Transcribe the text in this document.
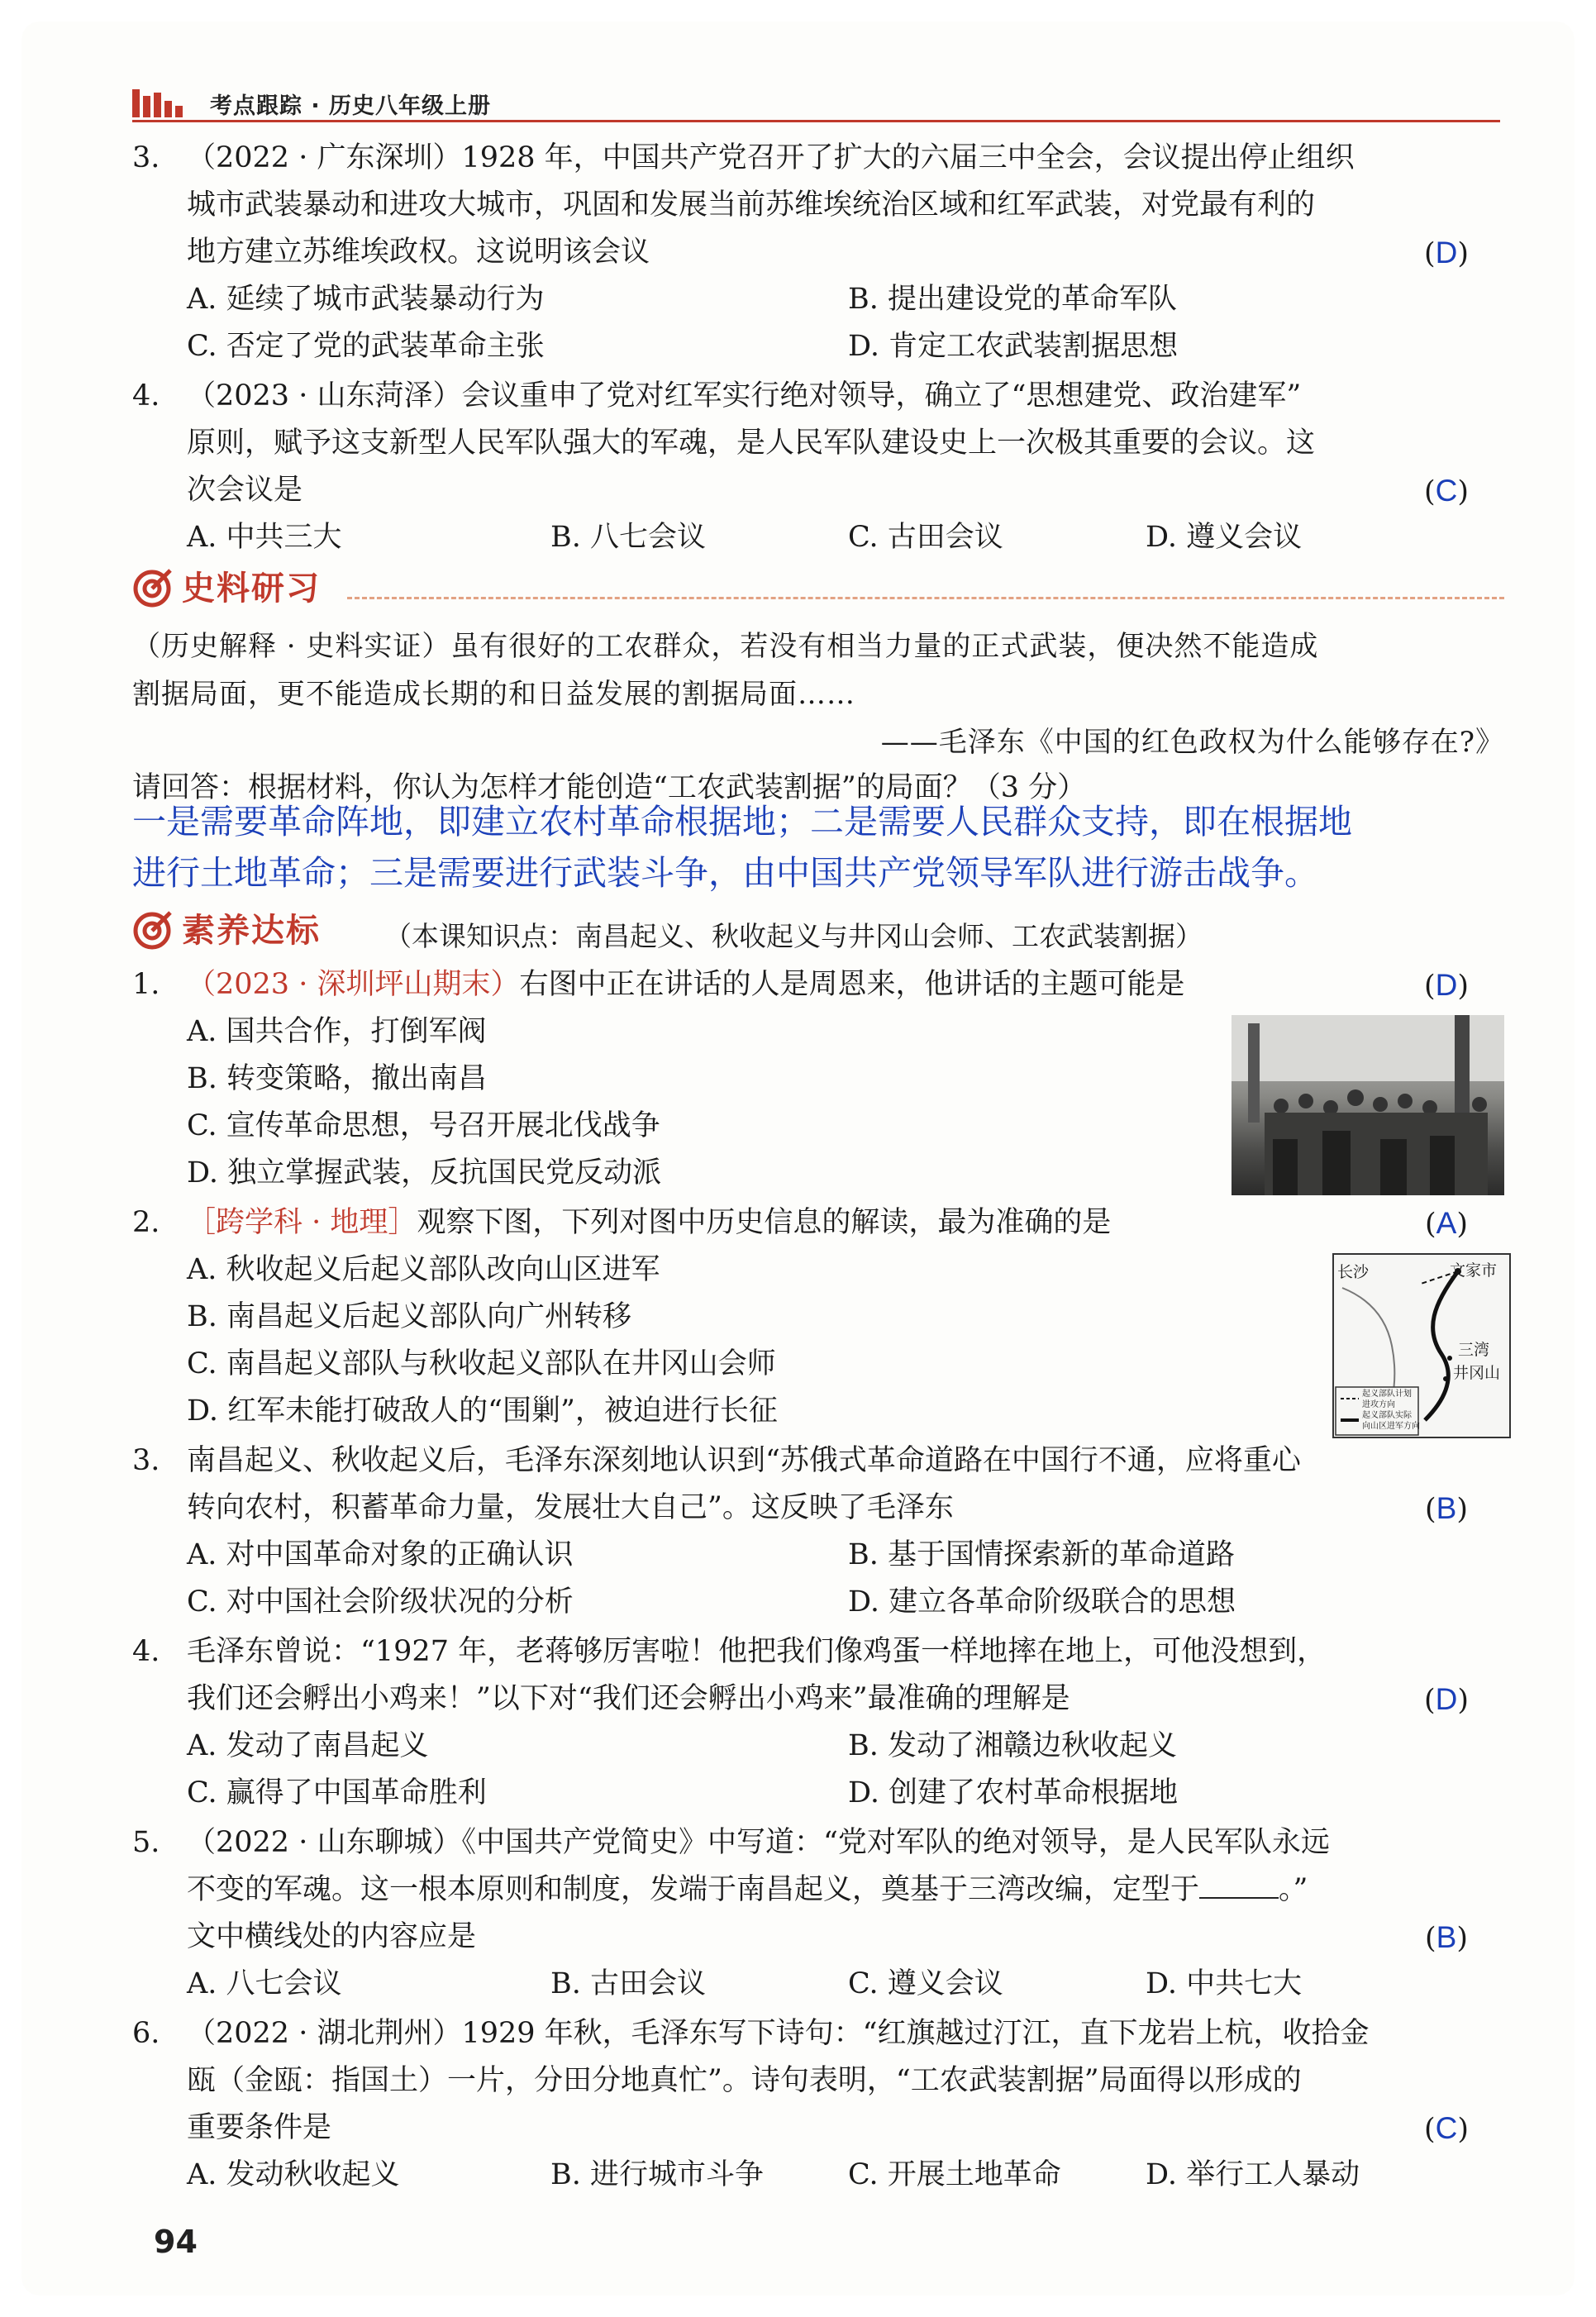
考点跟踪 · 历史八年级上册
3. （2022 · 广东深圳）1928 年，中国共产党召开了扩大的六届三中全会，会议提出停止组织
城市武装暴动和进攻大城市，巩固和发展当前苏维埃统治区域和红军武装，对党最有利的
地方建立苏维埃政权。这说明该会议	(D)
A. 延续了城市武装暴动行为	B. 提出建设党的革命军队
C. 否定了党的武装革命主张	D. 肯定工农武装割据思想
4. （2023 · 山东菏泽）会议重申了党对红军实行绝对领导，确立了“思想建党、政治建军”
原则，赋予这支新型人民军队强大的军魂，是人民军队建设史上一次极其重要的会议。这
次会议是	(C)
A. 中共三大	B. 八七会议	C. 古田会议	D. 遵义会议
史料研习
（历史解释 · 史料实证）虽有很好的工农群众，若没有相当力量的正式武装，便决然不能造成
割据局面，更不能造成长期的和日益发展的割据局面……
——毛泽东《中国的红色政权为什么能够存在?》
请回答：根据材料，你认为怎样才能创造“工农武装割据”的局面？（3 分）
一是需要革命阵地，即建立农村革命根据地；二是需要人民群众支持，即在根据地
进行土地革命；三是需要进行武装斗争，由中国共产党领导军队进行游击战争。
素养达标 （本课知识点：南昌起义、秋收起义与井冈山会师、工农武装割据）
1. （2023 · 深圳坪山期末）右图中正在讲话的人是周恩来，他讲话的主题可能是	(D)
A. 国共合作，打倒军阀
B. 转变策略，撤出南昌
C. 宣传革命思想，号召开展北伐战争
D. 独立掌握武装，反抗国民党反动派
2. ［跨学科 · 地理］观察下图，下列对图中历史信息的解读，最为准确的是	(A)
A. 秋收起义后起义部队改向山区进军
B. 南昌起义后起义部队向广州转移
C. 南昌起义部队与秋收起义部队在井冈山会师
D. 红军未能打破敌人的“围剿”，被迫进行长征
3. 南昌起义、秋收起义后，毛泽东深刻地认识到“苏俄式革命道路在中国行不通，应将重心
转向农村，积蓄革命力量，发展壮大自己”。这反映了毛泽东	(B)
A. 对中国革命对象的正确认识	B. 基于国情探索新的革命道路
C. 对中国社会阶级状况的分析	D. 建立各革命阶级联合的思想
4. 毛泽东曾说：“1927 年，老蒋够厉害啦！他把我们像鸡蛋一样地摔在地上，可他没想到，
我们还会孵出小鸡来！”以下对“我们还会孵出小鸡来”最准确的理解是	(D)
A. 发动了南昌起义	B. 发动了湘赣边秋收起义
C. 赢得了中国革命胜利	D. 创建了农村革命根据地
5. （2022 · 山东聊城）《中国共产党简史》中写道：“党对军队的绝对领导，是人民军队永远
不变的军魂。这一根本原则和制度，发端于南昌起义，奠基于三湾改编，定型于	。”
文中横线处的内容应是	(B)
A. 八七会议	B. 古田会议	C. 遵义会议	D. 中共七大
6. （2022 · 湖北荆州）1929 年秋，毛泽东写下诗句：“红旗越过汀江，直下龙岩上杭，收拾金
瓯（金瓯：指国土）一片，分田分地真忙”。诗句表明，“工农武装割据”局面得以形成的
重要条件是	(C)
A. 发动秋收起义	B. 进行城市斗争	C. 开展土地革命	D. 举行工人暴动
长沙	文家市
三湾
井冈山
起义部队计划
进攻方向
起义部队实际
向山区进军方向
94
